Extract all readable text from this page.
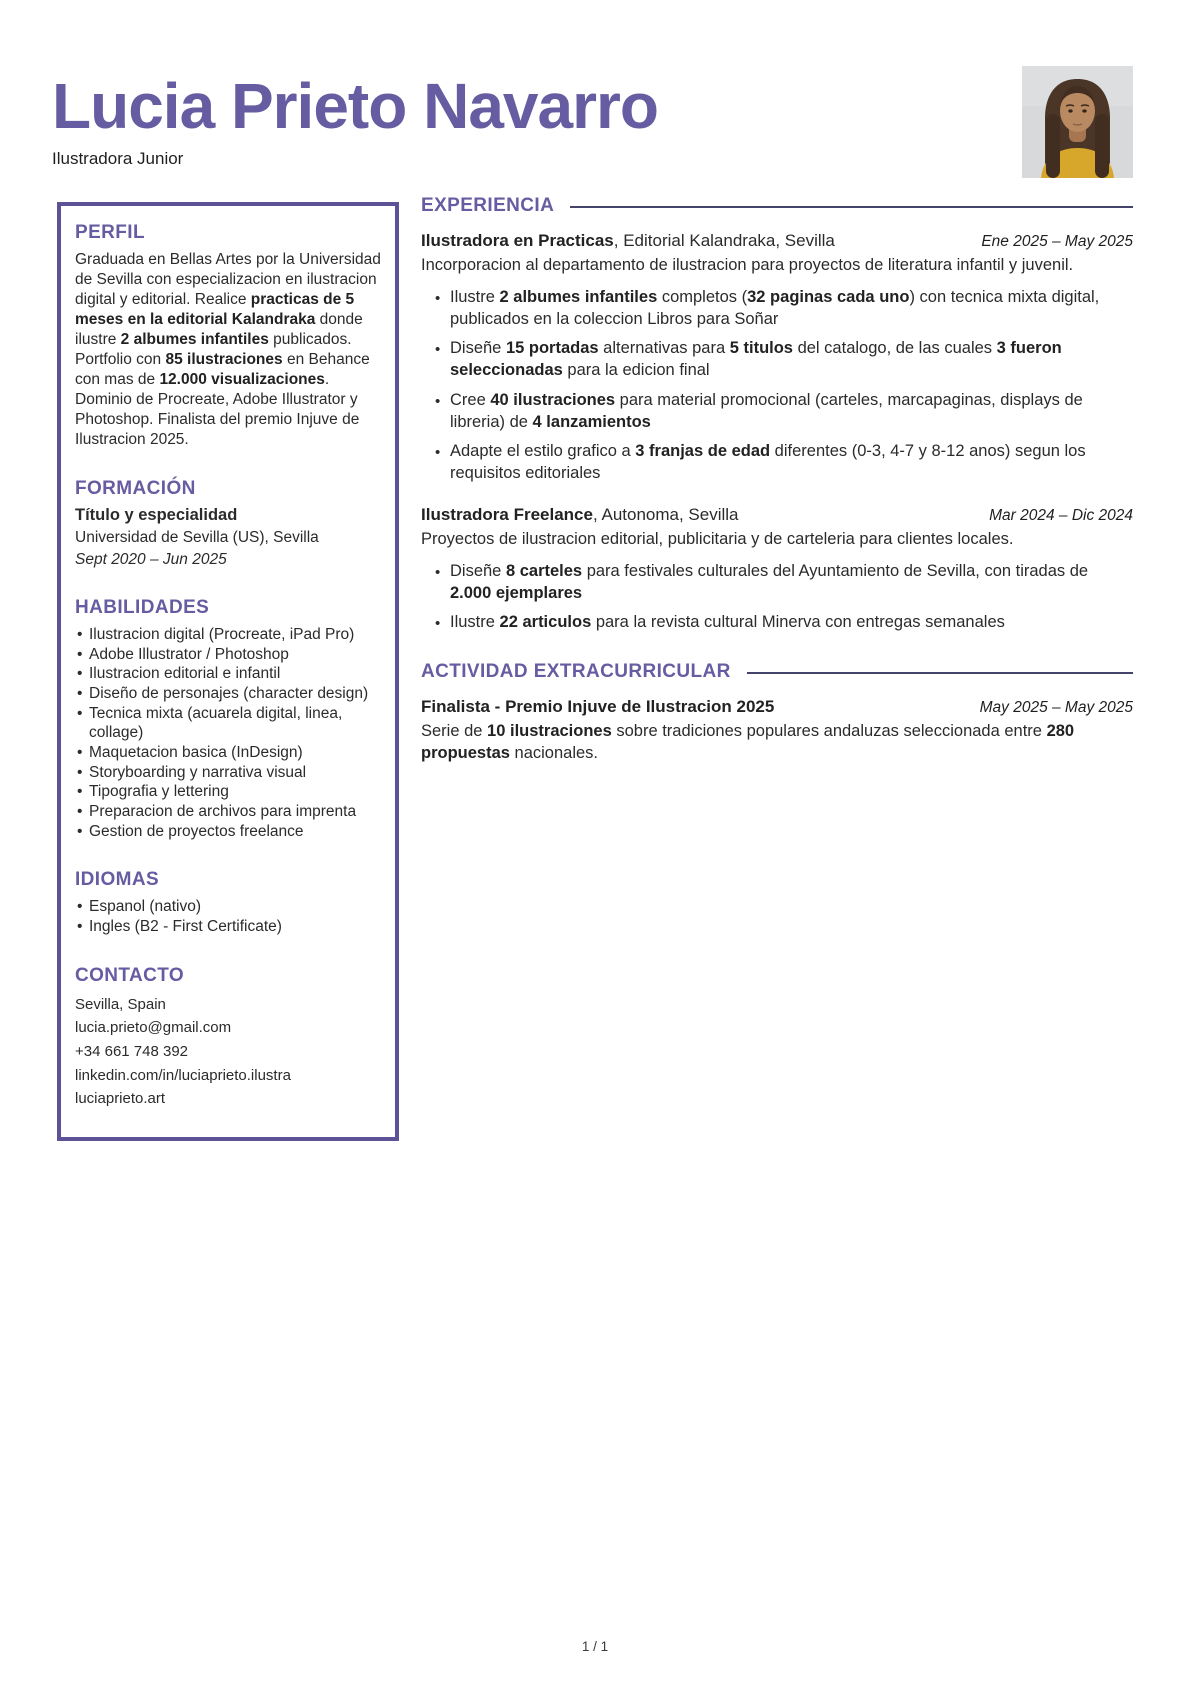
Lucia Prieto Navarro
Ilustradora Junior
PERFIL

Graduada en Bellas Artes por la Universidad de Sevilla con especializacion en ilustracion digital y editorial. Realice practicas de 5 meses en la editorial Kalandraka donde ilustre 2 albumes infantiles publicados. Portfolio con 85 ilustraciones en Behance con mas de 12.000 visualizaciones. Dominio de Procreate, Adobe Illustrator y Photoshop. Finalista del premio Injuve de Ilustracion 2025.

FORMACIÓN
Título y especialidad
Universidad de Sevilla (US), Sevilla
Sept 2020 – Jun 2025
HABILIDADES
• Ilustracion digital (Procreate, iPad Pro)
• Adobe Illustrator / Photoshop
• Ilustracion editorial e infantil
• Diseño de personajes (character design)
• Tecnica mixta (acuarela digital, linea, collage)
• Maquetacion basica (InDesign)
• Storyboarding y narrativa visual
• Tipografia y lettering
• Preparacion de archivos para imprenta
• Gestion de proyectos freelance
IDIOMAS
• Espanol (nativo)
• Ingles (B2 - First Certificate)
CONTACTO
Sevilla, Spain
lucia.prieto@gmail.com
+34 661 748 392
linkedin.com/in/luciaprieto.ilustra
luciaprieto.art
EXPERIENCIA
Ilustradora en Practicas, Editorial Kalandraka, Sevilla	Ene 2025 – May 2025

Incorporacion al departamento de ilustracion para proyectos de literatura infantil y juvenil.

• Ilustre 2 albumes infantiles completos (32 paginas cada uno) con tecnica mixta digital, publicados en la coleccion Libros para Soñar
• Diseñe 15 portadas alternativas para 5 titulos del catalogo, de las cuales 3 fueron seleccionadas para la edicion final
• Cree 40 ilustraciones para material promocional (carteles, marcapaginas, displays de libreria) de 4 lanzamientos
• Adapte el estilo grafico a 3 franjas de edad diferentes (0-3, 4-7 y 8-12 anos) segun los requisitos editoriales
Ilustradora Freelance, Autonoma, Sevilla	Mar 2024 – Dic 2024

Proyectos de ilustracion editorial, publicitaria y de carteleria para clientes locales.

• Diseñe 8 carteles para festivales culturales del Ayuntamiento de Sevilla, con tiradas de 2.000 ejemplares
• Ilustre 22 articulos para la revista cultural Minerva con entregas semanales
ACTIVIDAD EXTRACURRICULAR
Finalista - Premio Injuve de Ilustracion 2025	May 2025 – May 2025

Serie de 10 ilustraciones sobre tradiciones populares andaluzas seleccionada entre 280 propuestas nacionales.

1 / 1
